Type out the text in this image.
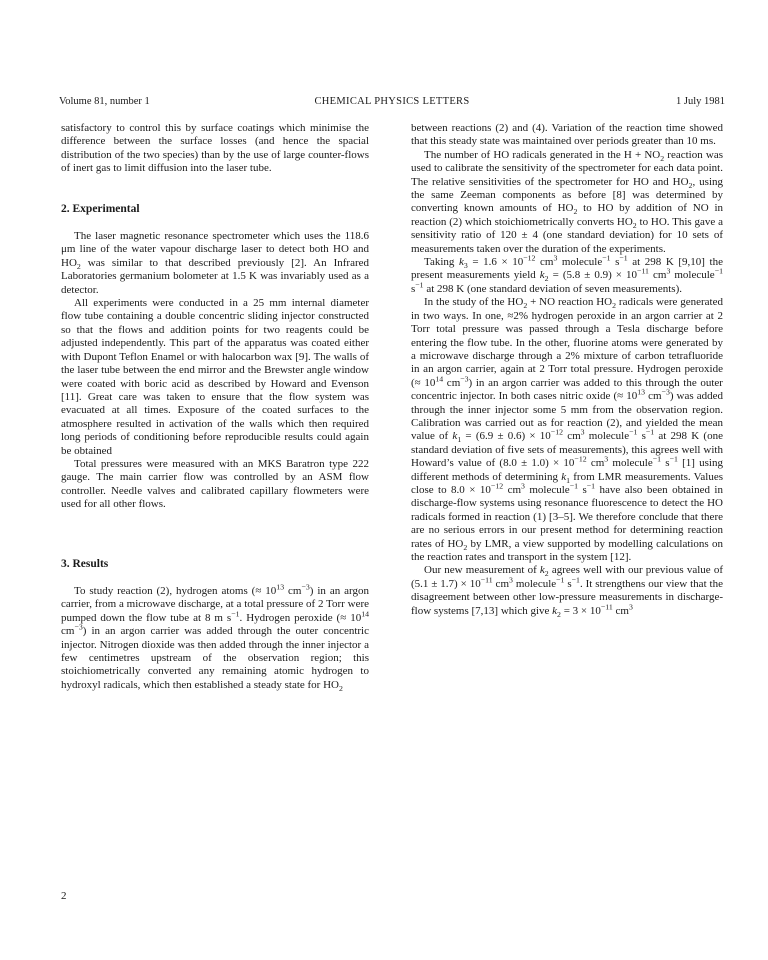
Volume 81, number 1	CHEMICAL PHYSICS LETTERS	1 July 1981

satisfactory to control this by surface coatings which minimise the difference between the surface losses (and hence the spacial distribution of the two species) than by the use of large counter-flows of inert gas to limit diffusion into the laser tube.

2. Experimental

The laser magnetic resonance spectrometer which uses the 118.6 μm line of the water vapour discharge laser to detect both HO and $HO_2$ was similar to that described previously [2]. An Infrared Laboratories germanium bolometer at 1.5 K was invariably used as a detector.

All experiments were conducted in a 25 mm internal diameter flow tube containing a double concentric sliding injector constructed so that the flows and addition points for two reagents could be adjusted independently. This part of the apparatus was coated either with Dupont Teflon Enamel or with halocarbon wax [9]. The walls of the laser tube between the end mirror and the Brewster angle window were coated with boric acid as described by Howard and Evenson [11]. Great care was taken to ensure that the flow system was evacuated at all times. Exposure of the coated surfaces to the atmosphere resulted in activation of the walls which then required long periods of conditioning before reproducible results could again be obtained

Total pressures were measured with an MKS Baratron type 222 gauge. The main carrier flow was controlled by an ASM flow controller. Needle valves and calibrated capillary flowmeters were used for all other flows.

3. Results

To study reaction (2), hydrogen atoms (≈ $10^{13}$ $cm^{-3}$) in an argon carrier, from a microwave discharge, at a total pressure of 2 Torr were pumped down the flow tube at 8 m $s^{-1}$. Hydrogen peroxide (≈ $10^{14}$ $cm^{-3}$) in an argon carrier was added through the outer concentric injector. Nitrogen dioxide was then added through the inner injector a few centimetres upstream of the observation region; this stoichiometrically converted any remaining atomic hydrogen to hydroxyl radicals, which then established a steady state for $HO_2$

between reactions (2) and (4). Variation of the reaction time showed that this steady state was maintained over periods greater than 10 ms.

The number of HO radicals generated in the $H + NO_2$ reaction was used to calibrate the sensitivity of the spectrometer for each data point. The relative sensitivities of the spectrometer for HO and $HO_2$, using the same Zeeman components as before [8] was determined by converting known amounts of $HO_2$ to HO by addition of NO in reaction (2) which stoichiometrically converts $HO_2$ to HO. This gave a sensitivity ratio of 120 ± 4 (one standard deviation) for 10 sets of measurements taken over the duration of the experiments.

Taking $k_3 = 1.6 \times 10^{-12}$ $cm^3$ molecule$^{-1}$ $s^{-1}$ at 298 K [9,10] the present measurements yield $k_2 = (5.8 \pm 0.9) \times 10^{-11}$ $cm^3$ molecule$^{-1}$ $s^{-1}$ at 298 K (one standard deviation of seven measurements).

In the study of the $HO_2$ + NO reaction $HO_2$ radicals were generated in two ways. In one, ≈2% hydrogen peroxide in an argon carrier at 2 Torr total pressure was passed through a Tesla discharge before entering the flow tube. In the other, fluorine atoms were generated by a microwave discharge through a 2% mixture of carbon tetrafluoride in an argon carrier, again at 2 Torr total pressure. Hydrogen peroxide (≈ $10^{14}$ $cm^{-3}$) in an argon carrier was added to this through the outer concentric injector. In both cases nitric oxide (≈ $10^{13}$ $cm^{-3}$) was added through the inner injector some 5 mm from the observation region. Calibration was carried out as for reaction (2), and yielded the mean value of $k_1 = (6.9 \pm 0.6) \times 10^{-12}$ $cm^3$ molecule$^{-1}$ $s^{-1}$ at 298 K (one standard deviation of five sets of measurements), this agrees well with Howard’s value of $(8.0 \pm 1.0) \times 10^{-12}$ $cm^3$ molecule$^{-1}$ $s^{-1}$ [1] using different methods of determining $k_1$ from LMR measurements. Values close to $8.0 \times 10^{-12}$ $cm^3$ molecule$^{-1}$ $s^{-1}$ have also been obtained in discharge-flow systems using resonance fluorescence to detect the HO radicals formed in reaction (1) [3–5]. We therefore conclude that there are no serious errors in our present method for determining reaction rates of $HO_2$ by LMR, a view supported by modelling calculations on the reaction rates and transport in the system [12].

Our new measurement of $k_2$ agrees well with our previous value of $(5.1 \pm 1.7) \times 10^{-11}$ $cm^3$ molecule$^{-1}$ $s^{-1}$. It strengthens our view that the disagreement between other low-pressure measurements in discharge-flow systems [7,13] which give $k_2 = 3 \times 10^{-11}$ $cm^3$

2
